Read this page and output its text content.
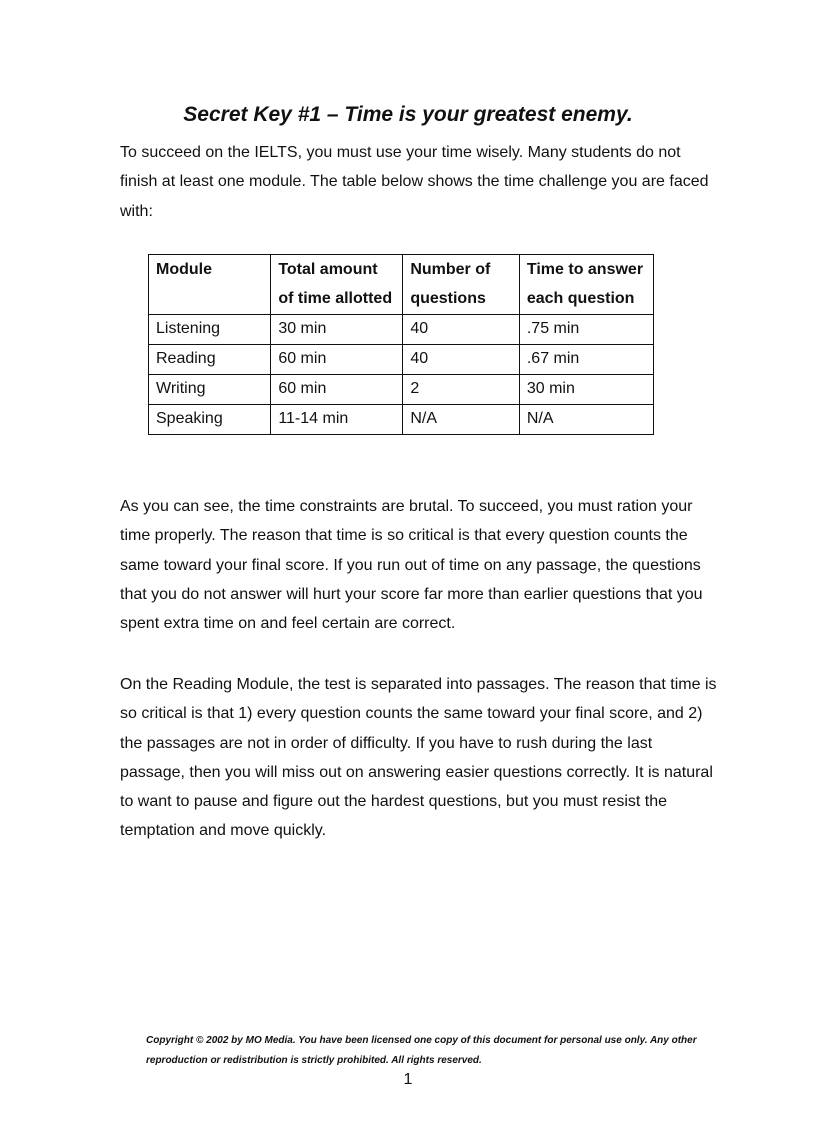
Secret Key #1 – Time is your greatest enemy.

To succeed on the IELTS, you must use your time wisely. Many students do not finish at least one module. The table below shows the time challenge you are faced with:

Module	Total amount of time allotted	Number of questions	Time to answer each question
Listening	30 min	40	.75 min
Reading	60 min	40	.67 min
Writing	60 min	2	30 min
Speaking	11-14 min	N/A	N/A

As you can see, the time constraints are brutal. To succeed, you must ration your time properly. The reason that time is so critical is that every question counts the same toward your final score. If you run out of time on any passage, the questions that you do not answer will hurt your score far more than earlier questions that you spent extra time on and feel certain are correct.

On the Reading Module, the test is separated into passages. The reason that time is so critical is that 1) every question counts the same toward your final score, and 2) the passages are not in order of difficulty. If you have to rush during the last passage, then you will miss out on answering easier questions correctly. It is natural to want to pause and figure out the hardest questions, but you must resist the temptation and move quickly.

Copyright © 2002 by MO Media. You have been licensed one copy of this document for personal use only. Any other reproduction or redistribution is strictly prohibited. All rights reserved.

1
